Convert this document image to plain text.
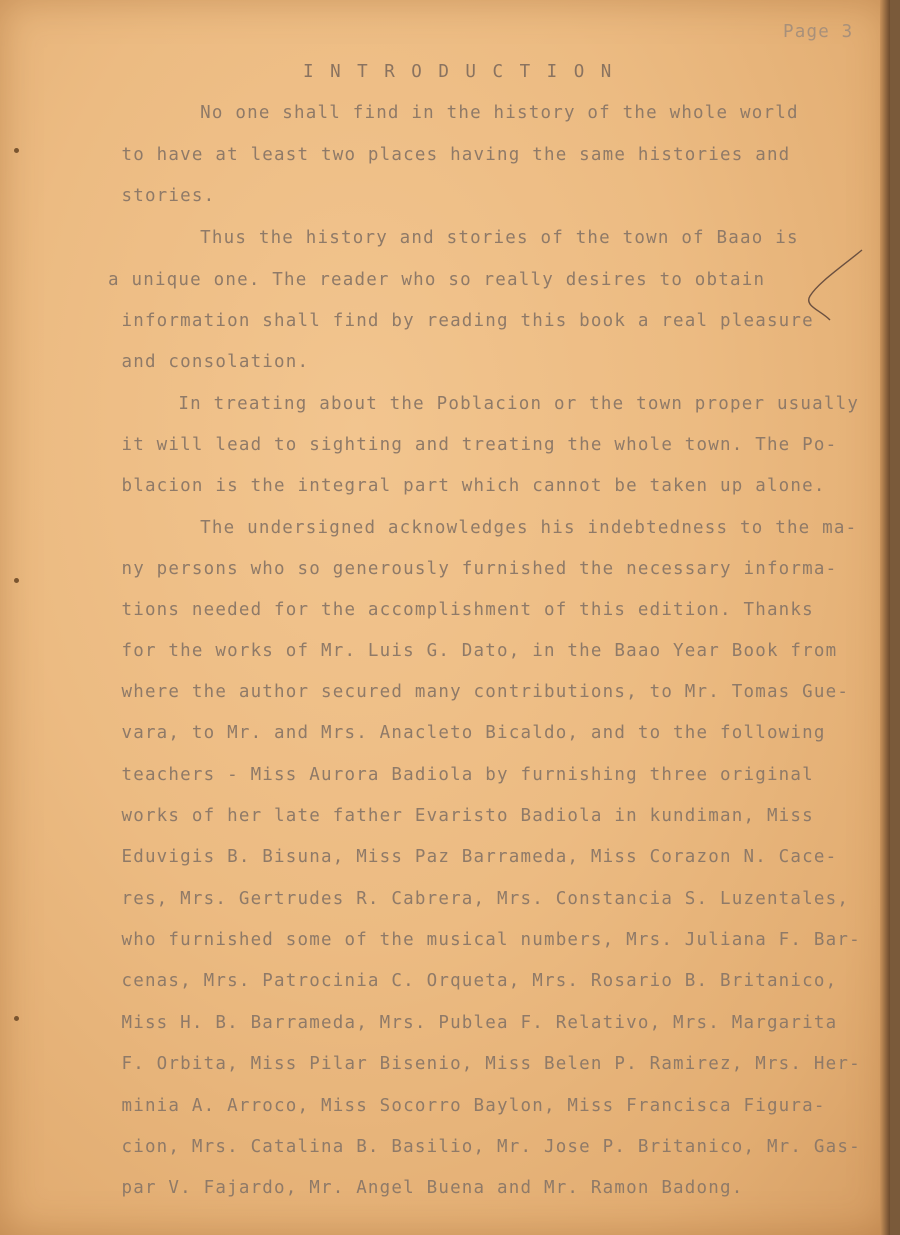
Page 3

I N T R O D U C T I O N

No one shall find in the history of the whole world

to have at least two places having the same histories and

stories.

Thus the history and stories of the town of Baao is

a unique one. The reader who so really desires to obtain

information shall find by reading this book a real pleasure

and consolation.

In treating about the Poblacion or the town proper usually

it will lead to sighting and treating the whole town. The Po-

blacion is the integral part which cannot be taken up alone.

The undersigned acknowledges his indebtedness to the ma-

ny persons who so generously furnished the necessary informa-

tions needed for the accomplishment of this edition. Thanks

for the works of Mr. Luis G. Dato, in the Baao Year Book from

where the author secured many contributions, to Mr. Tomas Gue-

vara, to Mr. and Mrs. Anacleto Bicaldo, and to the following

teachers - Miss Aurora Badiola by furnishing three original

works of her late father Evaristo Badiola in kundiman, Miss

Eduvigis B. Bisuna, Miss Paz Barrameda, Miss Corazon N. Cace-

res, Mrs. Gertrudes R. Cabrera, Mrs. Constancia S. Luzentales,

who furnished some of the musical numbers, Mrs. Juliana F. Bar-

cenas, Mrs. Patrocinia C. Orqueta, Mrs. Rosario B. Britanico,

Miss H. B. Barrameda, Mrs. Publea F. Relativo, Mrs. Margarita

F. Orbita, Miss Pilar Bisenio, Miss Belen P. Ramirez, Mrs. Her-

minia A. Arroco, Miss Socorro Baylon, Miss Francisca Figura-

cion, Mrs. Catalina B. Basilio, Mr. Jose P. Britanico, Mr. Gas-

par V. Fajardo, Mr. Angel Buena and Mr. Ramon Badong.
